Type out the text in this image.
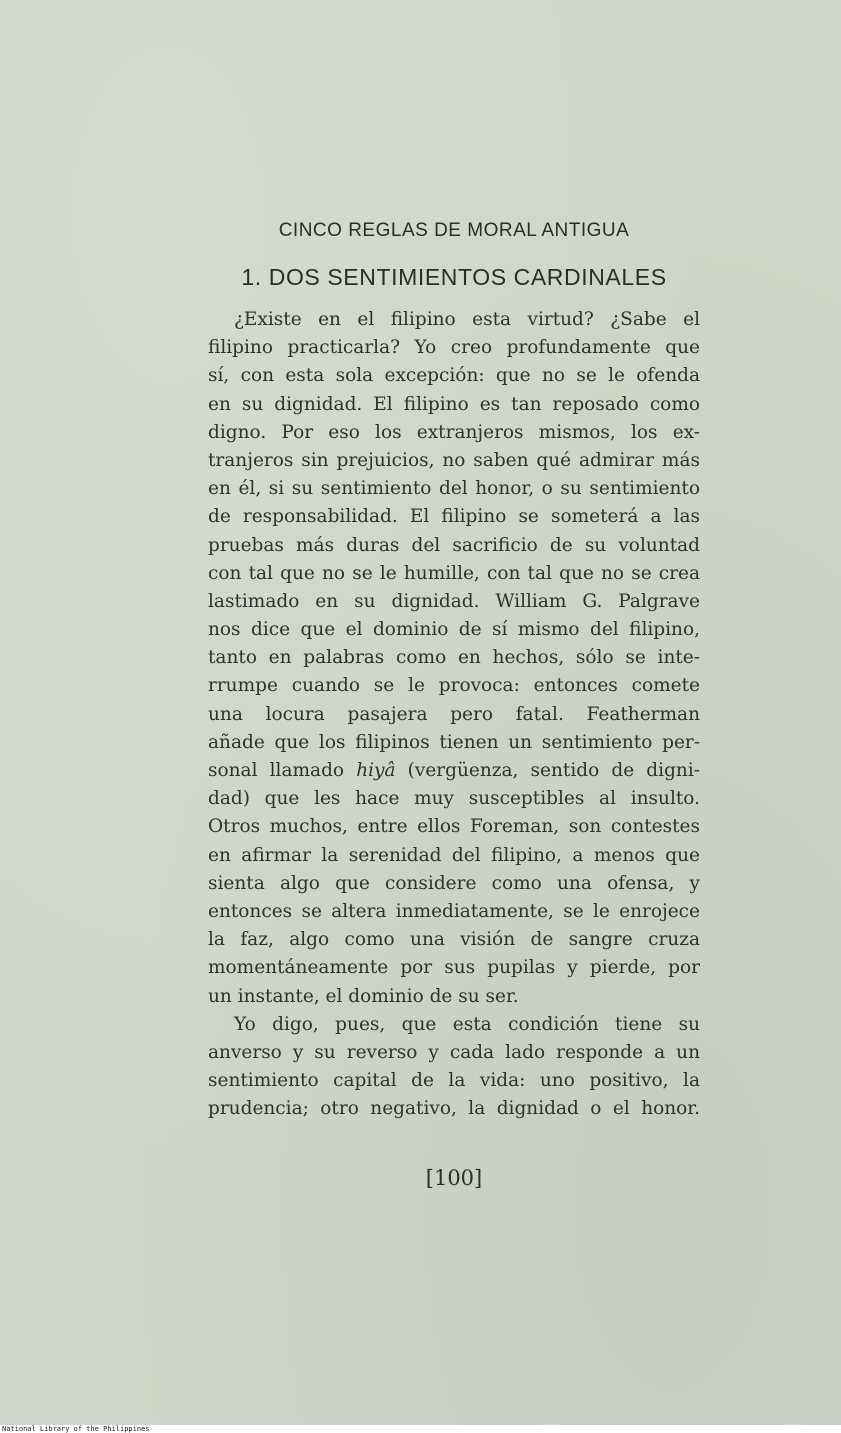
CINCO REGLAS DE MORAL ANTIGUA
1. DOS SENTIMIENTOS CARDINALES
¿Existe en el filipino esta virtud? ¿Sabe el
filipino practicarla? Yo creo profundamente que
sí, con esta sola excepción: que no se le ofenda
en su dignidad. El filipino es tan reposado como
digno. Por eso los extranjeros mismos, los ex-
tranjeros sin prejuicios, no saben qué admirar más
en él, si su sentimiento del honor, o su sentimiento
de responsabilidad. El filipino se someterá a las
pruebas más duras del sacrificio de su voluntad
con tal que no se le humille, con tal que no se crea
lastimado en su dignidad. William G. Palgrave
nos dice que el dominio de sí mismo del filipino,
tanto en palabras como en hechos, sólo se inte-
rrumpe cuando se le provoca: entonces comete
una locura pasajera pero fatal. Featherman
añade que los filipinos tienen un sentimiento per-
sonal llamado hiyâ (vergüenza, sentido de digni-
dad) que les hace muy susceptibles al insulto.
Otros muchos, entre ellos Foreman, son contestes
en afirmar la serenidad del filipino, a menos que
sienta algo que considere como una ofensa, y
entonces se altera inmediatamente, se le enrojece
la faz, algo como una visión de sangre cruza
momentáneamente por sus pupilas y pierde, por
un instante, el dominio de su ser.
Yo digo, pues, que esta condición tiene su
anverso y su reverso y cada lado responde a un
sentimiento capital de la vida: uno positivo, la
prudencia; otro negativo, la dignidad o el honor.
[100]
National Library of the Philippines
